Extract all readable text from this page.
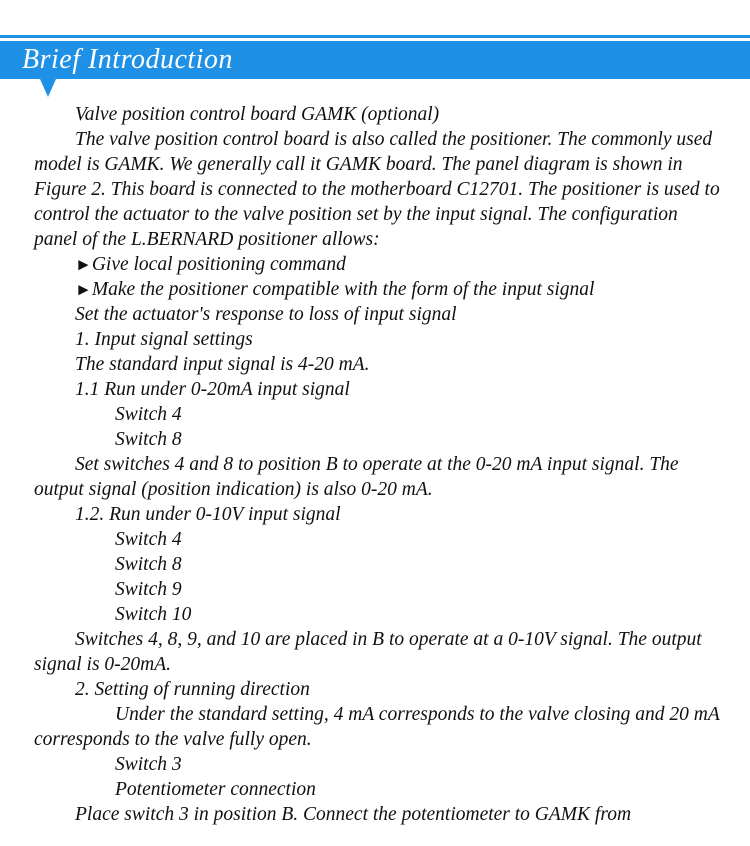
Brief Introduction

Valve position control board GAMK (optional)

The valve position control board is also called the positioner. The commonly used model is GAMK. We generally call it GAMK board. The panel diagram is shown in Figure 2. This board is connected to the motherboard C12701. The positioner is used to control the actuator to the valve position set by the input signal. The configuration panel of the L.BERNARD positioner allows:

►Give local positioning command

►Make the positioner compatible with the form of the input signal

Set the actuator's response to loss of input signal

1. Input signal settings

The standard input signal is 4-20 mA.

1.1 Run under 0-20mA input signal

Switch 4

Switch 8

Set switches 4 and 8 to position B to operate at the 0-20 mA input signal. The output signal (position indication) is also 0-20 mA.

1.2. Run under 0-10V input signal

Switch 4

Switch 8

Switch 9

Switch 10

Switches 4, 8, 9, and 10 are placed in B to operate at a 0-10V signal. The output signal is 0-20mA.

2. Setting of running direction

Under the standard setting, 4 mA corresponds to the valve closing and 20 mA corresponds to the valve fully open.

Switch 3

Potentiometer connection

Place switch 3 in position B. Connect the potentiometer to GAMK from
